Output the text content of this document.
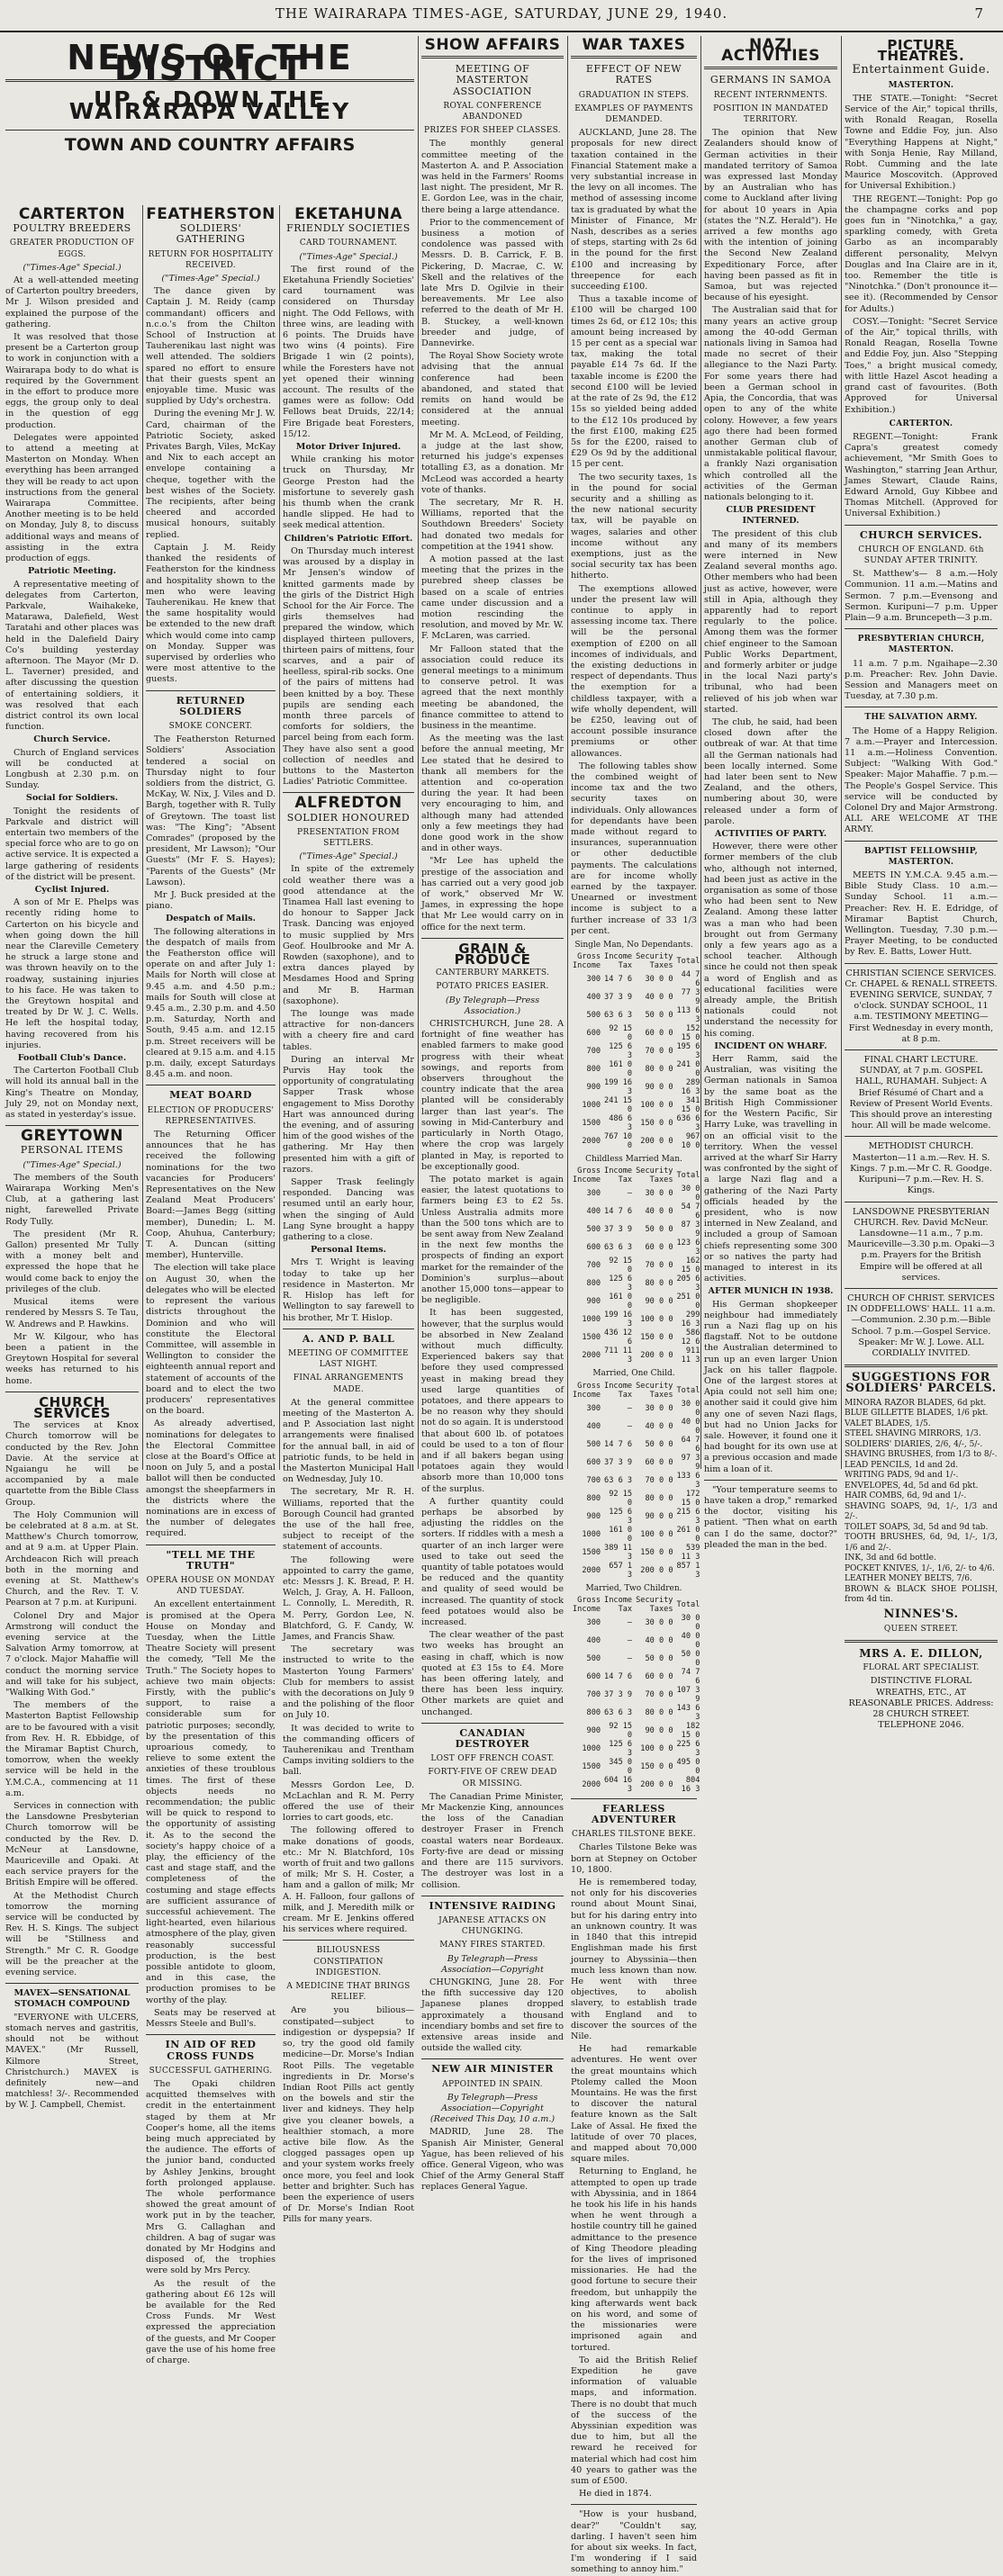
THE WAIRARAPA TIMES-AGE, SATURDAY, JUNE 29, 1940.	7
NEWS OF THE DISTRICT
UP & DOWN THE WAIRARAPA VALLEY
TOWN AND COUNTRY AFFAIRS
CARTERTON
POULTRY BREEDERS
GREATER PRODUCTION OF EGGS.

("Times-Age" Special.)

At a well-attended meeting of Carterton poultry breeders, Mr J. Wilson presided and explained the purpose of the gathering.

It was resolved that those present be a Carterton group to work in conjunction with a Wairarapa body to do what is required by the Government in the effort to produce more eggs, the group only to deal in the question of egg production.

Delegates were appointed to attend a meeting at Masterton on Monday. When everything has been arranged they will be ready to act upon instructions from the general Wairarapa Committee. Another meeting is to be held on Monday, July 8, to discuss additional ways and means of assisting in the extra production of eggs.

Patriotic Meeting.

A representative meeting of delegates from Carterton, Parkvale, Waihakeke, Matarawa, Dalefield, West Taratahi and other places was held in the Dalefield Dairy Co's building yesterday afternoon. The Mayor (Mr D. L. Taverner) presided, and after discussing the question of entertaining soldiers, it was resolved that each district control its own local function.

Church Service.

Church of England services will be conducted at Longbush at 2.30 p.m. on Sunday.

Social for Soldiers.

Tonight the residents of Parkvale and district will entertain two members of the special force who are to go on active service. It is expected a large gathering of residents of the district will be present.

Cyclist Injured.

A son of Mr E. Phelps was recently riding home to Carterton on his bicycle and when going down the hill near the Clareville Cemetery he struck a large stone and was thrown heavily on to the roadway, sustaining injuries to his face. He was taken to the Greytown hospital and treated by Dr W. J. C. Wells. He left the hospital today, having recovered from his injuries.

Football Club's Dance.

The Carterton Football Club will hold its annual ball in the King's Theatre on Monday, July 29, not on Monday next, as stated in yesterday's issue.

GREYTOWN
PERSONAL ITEMS

("Times-Age" Special.)

The members of the South Wairarapa Working Men's Club, at a gathering last night, farewelled Private Rody Tully.

The president (Mr R. Gallon) presented Mr Tully with a money belt and expressed the hope that he would come back to enjoy the privileges of the club.

Musical items were rendered by Messrs S. Te Tau, W. Andrews and P. Hawkins.

Mr W. Kilgour, who has been a patient in the Greytown Hospital for several weeks has returned to his home.

CHURCH SERVICES

The services at Knox Church tomorrow will be conducted by the Rev. John Davie. At the service at Ngaiangu he will be accompanied by a male quartette from the Bible Class Group.

The Holy Communion will be celebrated at 8 a.m. at St. Matthew's Church tomorrow, and at 9 a.m. at Upper Plain. Archdeacon Rich will preach both in the morning and evening at St. Matthew's Church, and the Rev. T. V. Pearson at 7 p.m. at Kuripuni.

Colonel Dry and Major Armstrong will conduct the evening service at the Salvation Army tomorrow, at 7 o'clock. Major Mahaffie will conduct the morning service and will take for his subject, "Walking With God."

The members of the Masterton Baptist Fellowship are to be favoured with a visit from Rev. H. R. Ebbidge, of the Miramar Baptist Church, tomorrow, when the weekly service will be held in the Y.M.C.A., commencing at 11 a.m.

Services in connection with the Lansdowne Presbyterian Church tomorrow will be conducted by the Rev. D. McNeur at Lansdowne, Mauriceville and Opaki. At each service prayers for the British Empire will be offered.

At the Methodist Church tomorrow the morning service will be conducted by Rev. H. S. Kings. The subject will be "Stillness and Strength." Mr C. R. Goodge will be the preacher at the evening service.

MAVEX—SENSATIONAL STOMACH COMPOUND

"EVERYONE with ULCERS, stomach nerves and gastritis, should not be without MAVEX." (Mr Russell, Kilmore Street, Christchurch.) MAVEX is definitely new—and matchless! 3/-. Recommended by W. J. Campbell, Chemist.

FEATHERSTON
SOLDIERS' GATHERING
RETURN FOR HOSPITALITY RECEIVED.

("Times-Age" Special.)

The dance given by Captain J. M. Reidy (camp commandant) officers and n.c.o.'s from the Chilton School of Instruction at Tauherenikau last night was well attended. The soldiers spared no effort to ensure that their guests spent an enjoyable time. Music was supplied by Udy's orchestra.

During the evening Mr J. W. Card, chairman of the Patriotic Society, asked Privates Bargh, Viles, McKay and Nix to each accept an envelope containing a cheque, together with the best wishes of the Society. The recipients, after being cheered and accorded musical honours, suitably replied.

Captain J. M. Reidy thanked the residents of Featherston for the kindness and hospitality shown to the men who were leaving Tauherenikau. He knew that the same hospitality would be extended to the new draft which would come into camp on Monday. Supper was supervised by orderlies who were most attentive to the guests.

RETURNED SOLDIERS
SMOKE CONCERT.

The Featherston Returned Soldiers' Association tendered a social on Thursday night to four soldiers from the district, G. McKay, W. Nix, J. Viles and D. Bargh, together with R. Tully of Greytown. The toast list was: "The King"; "Absent Comrades" (proposed by the president, Mr Lawson); "Our Guests" (Mr F. S. Hayes); "Parents of the Guests" (Mr Lawson).

Mr J. Buck presided at the piano.

Despatch of Mails.

The following alterations in the despatch of mails from the Featherston office will operate on and after July 1: Mails for North will close at 9.45 a.m. and 4.50 p.m.; mails for South will close at 9.45 a.m., 2.30 p.m. and 4.50 p.m. Saturday, North and South, 9.45 a.m. and 12.15 p.m. Street receivers will be cleared at 9.15 a.m. and 4.15 p.m. daily, except Saturdays 8.45 a.m. and noon.

MEAT BOARD
ELECTION OF PRODUCERS' REPRESENTATIVES.

The Returning Officer announces that he has received the following nominations for the two vacancies for Producers' Representatives on the New Zealand Meat Producers' Board:—James Begg (sitting member), Dunedin; L. M. Coop, Ahuhua, Canterbury; T. A. Duncan (sitting member), Hunterville.

The election will take place on August 30, when the delegates who will be elected to represent the various districts throughout the Dominion and who will constitute the Electoral Committee, will assemble in Wellington to consider the eighteenth annual report and statement of accounts of the board and to elect the two producers' representatives on the board.

As already advertised, nominations for delegates to the Electoral Committee close at the Board's Office at noon on July 5, and a postal ballot will then be conducted amongst the sheepfarmers in the districts where the nominations are in excess of the number of delegates required.

"TELL ME THE TRUTH"
OPERA HOUSE ON MONDAY AND TUESDAY.

An excellent entertainment is promised at the Opera House on Monday and Tuesday, when the Little Theatre Society will present the comedy, "Tell Me the Truth." The Society hopes to achieve two main objects: Firstly, with the public's support, to raise a considerable sum for patriotic purposes; secondly, by the presentation of this uproarious comedy, to relieve to some extent the anxieties of these troublous times. The first of these objects needs no recommendation; the public will be quick to respond to the opportunity of assisting it. As to the second the society's happy choice of a play, the efficiency of the cast and stage staff, and the completeness of the costuming and stage effects are sufficient assurance of successful achievement. The light-hearted, even hilarious atmosphere of the play, given reasonably successful production, is the best possible antidote to gloom, and in this case, the production promises to be worthy of the play.

Seats may be reserved at Messrs Steele and Bull's.

IN AID OF RED CROSS FUNDS
SUCCESSFUL GATHERING.

The Opaki children acquitted themselves with credit in the entertainment staged by them at Mr Cooper's home, all the items being much appreciated by the audience. The efforts of the junior band, conducted by Ashley Jenkins, brought forth prolonged applause. The whole performance showed the great amount of work put in by the teacher, Mrs G. Callaghan and children. A bag of sugar was donated by Mr Hodgins and disposed of, the trophies were sold by Mrs Percy.

As the result of the gathering about £6 12s will be available for the Red Cross Funds. Mr West expressed the appreciation of the guests, and Mr Cooper gave the use of his home free of charge.

EKETAHUNA
FRIENDLY SOCIETIES
CARD TOURNAMENT.

("Times-Age" Special.)

The first round of the Eketahuna Friendly Societies' card tournament was considered on Thursday night. The Odd Fellows, with three wins, are leading with 6 points. The Druids have two wins (4 points). Fire Brigade 1 win (2 points), while the Foresters have not yet opened their winning account. The results of the games were as follow: Odd Fellows beat Druids, 22/14; Fire Brigade beat Foresters, 15/12.

Motor Driver Injured.

While cranking his motor truck on Thursday, Mr George Preston had the misfortune to severely gash his thumb when the crank handle slipped. He had to seek medical attention.

Children's Patriotic Effort.

On Thursday much interest was aroused by a display in Mr Jensen's window of knitted garments made by the girls of the District High School for the Air Force. The girls themselves had prepared the window, which displayed thirteen pullovers, thirteen pairs of mittens, four scarves, and a pair of heelless, spiral-rib socks. One of the pairs of mittens had been knitted by a boy. These pupils are sending each month three parcels of comforts for soldiers, the parcel being from each form. They have also sent a good collection of needles and buttons to the Masterton Ladies' Patriotic Committee.

ALFREDTON
SOLDIER HONOURED
PRESENTATION FROM SETTLERS.

("Times-Age" Special.)

In spite of the extremely cold weather there was a good attendance at the Tinamea Hall last evening to do honour to Sapper Jack Trask. Dancing was enjoyed to music supplied by Mrs Geof. Houlbrooke and Mr A. Rowden (saxophone), and to extra dances played by Mesdames Hood and Spring and Mr B. Harman (saxophone).

The lounge was made attractive for non-dancers with a cheery fire and card tables.

During an interval Mr Purvis Hay took the opportunity of congratulating Sapper Trask whose engagement to Miss Dorothy Hart was announced during the evening, and of assuring him of the good wishes of the gathering. Mr Hay then presented him with a gift of razors.

Sapper Trask feelingly responded. Dancing was resumed until an early hour, when the singing of Auld Lang Syne brought a happy gathering to a close.

Personal Items.

Mrs T. Wright is leaving today to take up her residence in Masterton. Mr R. Hislop has left for Wellington to say farewell to his brother, Mr T. Hislop.

A. AND P. BALL
MEETING OF COMMITTEE LAST NIGHT.
FINAL ARRANGEMENTS MADE.

At the general committee meeting of the Masterton A. and P. Association last night arrangements were finalised for the annual ball, in aid of patriotic funds, to be held in the Masterton Municipal Hall on Wednesday, July 10.

The secretary, Mr R. H. Williams, reported that the Borough Council had granted the use of the hall free, subject to receipt of the statement of accounts.

The following were appointed to carry the game, etc: Messrs J. K. Bread, P. H. Welch, J. Gray, A. H. Falloon, L. Connolly, L. Meredith, R. M. Perry, Gordon Lee, N. Blatchford, G. F. Candy, W. James, and Francis Shaw.

The secretary was instructed to write to the Masterton Young Farmers' Club for members to assist with the decorations on July 9 and the polishing of the floor on July 10.

It was decided to write to the commanding officers of Tauherenikau and Trentham Camps inviting soldiers to the ball.

Messrs Gordon Lee, D. McLachlan and R. M. Perry offered the use of their lorries to cart goods, etc.

The following offered to make donations of goods, etc.: Mr N. Blatchford, 10s worth of fruit and two gallons of milk; Mr S. H. Coster, a ham and a gallon of milk; Mr A. H. Falloon, four gallons of milk, and J. Meredith milk or cream. Mr E. Jenkins offered his services where required.

BILIOUSNESS CONSTIPATION INDIGESTION.
A MEDICINE THAT BRINGS RELIEF.

Are you bilious—constipated—subject to indigestion or dyspepsia? If so, try the good old family medicine—Dr. Morse's Indian Root Pills. The vegetable ingredients in Dr. Morse's Indian Root Pills act gently on the bowels and stir the liver and kidneys. They help give you cleaner bowels, a healthier stomach, a more active bile flow. As the clogged passages open up and your system works freely once more, you feel and look better and brighter. Such has been the experience of users of Dr. Morse's Indian Root Pills for many years.

SHOW AFFAIRS
MEETING OF MASTERTON ASSOCIATION
ROYAL CONFERENCE ABANDONED
PRIZES FOR SHEEP CLASSES.

The monthly general committee meeting of the Masterton A. and P. Association was held in the Farmers' Rooms last night. The president, Mr R. E. Gordon Lee, was in the chair, there being a large attendance.

Prior to the commencement of business a motion of condolence was passed with Messrs. D. B. Carrick, F. B. Pickering, D. Macrae, C. W. Skell and the relatives of the late Mrs D. Ogilvie in their bereavements. Mr Lee also referred to the death of Mr H. B. Stuckey, a well-known breeder and judge, of Dannevirke.

The Royal Show Society wrote advising that the annual conference had been abandoned, and stated that remits on hand would be considered at the annual meeting.

Mr M. A. McLeod, of Feilding, a judge at the last show, returned his judge's expenses totalling £3, as a donation. Mr McLeod was accorded a hearty vote of thanks.

The secretary, Mr R. H. Williams, reported that the Southdown Breeders' Society had donated two medals for competition at the 1941 show.

A motion passed at the last meeting that the prizes in the purebred sheep classes be based on a scale of entries came under discussion and a motion rescinding the resolution, and moved by Mr. W. F. McLaren, was carried.

Mr Falloon stated that the association could reduce its general meetings to a minimum to conserve petrol. It was agreed that the next monthly meeting be abandoned, the finance committee to attend to business in the meantime.

As the meeting was the last before the annual meeting, Mr Lee stated that he desired to thank all members for the attention and co-operation during the year. It had been very encouraging to him, and although many had attended only a few meetings they had done good work in the show and in other ways.

"Mr Lee has upheld the prestige of the association and has carried out a very good job of work," observed Mr W. James, in expressing the hope that Mr Lee would carry on in office for the next term.

GRAIN & PRODUCE
CANTERBURY MARKETS.
POTATO PRICES EASIER.

(By Telegraph—Press Association.)

CHRISTCHURCH, June 28. A fortnight of fine weather has enabled farmers to make good progress with their wheat sowings, and reports from observers throughout the country indicate that the area planted will be considerably larger than last year's. The sowing in Mid-Canterbury and particularly in North Otago, where the crop was largely planted in May, is reported to be exceptionally good.

The potato market is again easier, the latest quotations to farmers being £3 to £2 5s. Unless Australia admits more than the 500 tons which are to be sent away from New Zealand in the next few months the prospects of finding an export market for the remainder of the Dominion's surplus—about another 15,000 tons—appear to be negligible.

It has been suggested, however, that the surplus would be absorbed in New Zealand without much difficulty. Experienced bakers say that before they used compressed yeast in making bread they used large quantities of potatoes, and there appears to be no reason why they should not do so again. It is understood that about 600 lb. of potatoes could be used to a ton of flour and if all bakers began using potatoes again they would absorb more than 10,000 tons of the surplus.

A further quantity could perhaps be absorbed by adjusting the riddles on the sorters. If riddles with a mesh a quarter of an inch larger were used to take out seed the quantity of table potatoes would be reduced and the quantity and quality of seed would be increased. The quantity of stock feed potatoes would also be increased.

The clear weather of the past two weeks has brought an easing in chaff, which is now quoted at £3 15s to £4. More has been offering lately, and there has been less inquiry. Other markets are quiet and unchanged.

CANADIAN DESTROYER
LOST OFF FRENCH COAST.
FORTY-FIVE OF CREW DEAD OR MISSING.

The Canadian Prime Minister, Mr Mackenzie King, announces the loss of the Canadian destroyer Fraser in French coastal waters near Bordeaux. Forty-five are dead or missing and there are 115 survivors. The destroyer was lost in a collision.

INTENSIVE RAIDING
JAPANESE ATTACKS ON CHUNGKING.
MANY FIRES STARTED.

By Telegraph—Press Association—Copyright

CHUNGKING, June 28. For the fifth successive day 120 Japanese planes dropped approximately a thousand incendiary bombs and set fire to extensive areas inside and outside the walled city.

NEW AIR MINISTER
APPOINTED IN SPAIN.

By Telegraph—Press Association—Copyright (Received This Day, 10 a.m.)

MADRID, June 28. The Spanish Air Minister, General Yague, has been relieved of his office. General Vigeon, who was Chief of the Army General Staff replaces General Yague.

WAR TAXES
EFFECT OF NEW RATES
GRADUATION IN STEPS.
EXAMPLES OF PAYMENTS DEMANDED.

AUCKLAND, June 28. The proposals for new direct taxation contained in the Financial Statement make a very substantial increase in the levy on all incomes. The method of assessing income tax is graduated by what the Minister of Finance, Mr Nash, describes as a series of steps, starting with 2s 6d in the pound for the first £100 and increasing by threepence for each succeeding £100.

Thus a taxable income of £100 will be charged 100 times 2s 6d, or £12 10s; this amount being increased by 15 per cent as a special war tax, making the total payable £14 7s 6d. If the taxable income is £200 the second £100 will be levied at the rate of 2s 9d, the £12 15s so yielded being added to the £12 10s produced by the first £100, making £25 5s for the £200, raised to £29 Os 9d by the additional 15 per cent.

The two security taxes, 1s in the pound for social security and a shilling as the new national security tax, will be payable on wages, salaries and other income without any exemptions, just as the social security tax has been hitherto.

The exemptions allowed under the present law will continue to apply in assessing income tax. There will be the personal exemption of £200 on all incomes of individuals, and the existing deductions in respect of dependants. Thus the exemption for a childless taxpayer, with a wife wholly dependent, will be £250, leaving out of account possible insurance premiums or other allowances.

The following tables show the combined weight of income tax and the two security taxes on individuals. Only allowances for dependants have been made without regard to insurances, superannuation or other deductible payments. The calculations are for income wholly earned by the taxpayer. Unearned or investment income is subject to a further increase of 33 1/3 per cent.

Single Man, No Dependants.
Gross Income	Income Tax	Security Taxes	Total
300	14 7 6	30 0 0	44 7 6
400	37 3 9	40 0 0	77 3 9
500	63 6 3	50 0 0	113 6 3
600	92 15 0	60 0 0	152 15 0
700	125 6 3	70 0 0	195 6 3
800	161 0 0	80 0 0	241 0 0
900	199 16 3	90 0 0	289 16 3
1000	241 15 0	100 0 0	341 15 0
1500	486 6 3	150 0 0	636 6 3
2000	767 10 0	200 0 0	967 10 0
Childless Married Man.
Gross Income	Income Tax	Security Taxes	Total
300	—	30 0 0	30 0 0
400	14 7 6	40 0 0	54 7 6
500	37 3 9	50 0 0	87 3 9
600	63 6 3	60 0 0	123 6 3
700	92 15 0	70 0 0	162 15 0
800	125 6 3	80 0 0	205 6 3
900	161 0 0	90 0 0	251 0 0
1000	199 16 3	100 0 0	299 16 3
1500	436 12 6	150 0 0	586 12 6
2000	711 11 3	200 0 0	911 11 3
Married, One Child.
Gross Income	Income Tax	Security Taxes	Total
300	—	30 0 0	30 0 0
400	—	40 0 0	40 0 0
500	14 7 6	50 0 0	64 7 6
600	37 3 9	60 0 0	97 3 9
700	63 6 3	70 0 0	133 6 3
800	92 15 0	80 0 0	172 15 0
900	125 6 3	90 0 0	215 6 3
1000	161 0 0	100 0 0	261 0 0
1500	389 11 3	150 0 0	539 11 3
2000	657 1 3	200 0 0	857 1 3
Married, Two Children.
Gross Income	Income Tax	Security Taxes	Total
300	—	30 0 0	30 0 0
400	—	40 0 0	40 0 0
500	—	50 0 0	50 0 0
600	14 7 6	60 0 0	74 7 6
700	37 3 9	70 0 0	107 3 9
800	63 6 3	80 0 0	143 6 3
900	92 15 0	90 0 0	182 15 0
1000	125 6 3	100 0 0	225 6 3
1500	345 0 0	150 0 0	495 0 0
2000	604 16 3	200 0 0	804 16 3
FEARLESS ADVENTURER
CHARLES TILSTONE BEKE.

Charles Tilstone Beke was born at Stepney on October 10, 1800.

He is remembered today, not only for his discoveries round about Mount Sinai, but for his daring entry into an unknown country. It was in 1840 that this intrepid Englishman made his first journey to Abyssinia—then much less known than now. He went with three objectives, to abolish slavery, to establish trade with England and to discover the sources of the Nile.

He had remarkable adventures. He went over the great mountains which Ptolemy called the Moon Mountains. He was the first to discover the natural feature known as the Salt Lake of Assal. He fixed the latitude of over 70 places, and mapped about 70,000 square miles.

Returning to England, he attempted to open up trade with Abyssinia, and in 1864 he took his life in his hands when he went through a hostile country till he gained admittance to the presence of King Theodore pleading for the lives of imprisoned missionaries. He had the good fortune to secure their freedom, but unhappily the king afterwards went back on his word, and some of the missionaries were imprisoned again and tortured.

To aid the British Relief Expedition he gave information of valuable maps, and information. There is no doubt that much of the success of the Abyssinian expedition was due to him, but all the reward he received for material which had cost him 40 years to gather was the sum of £500.

He died in 1874.

"How is your husband, dear?" "Couldn't say, darling. I haven't seen him for about six weeks. In fact, I'm wondering if I said something to annoy him."

NAZI ACTIVITIES
GERMANS IN SAMOA
RECENT INTERNMENTS.
POSITION IN MANDATED TERRITORY.

The opinion that New Zealanders should know of German activities in their mandated territory of Samoa was expressed last Monday by an Australian who has come to Auckland after living for about 10 years in Apia (states the "N.Z. Herald"). He arrived a few months ago with the intention of joining the Second New Zealand Expeditionary Force, after having been passed as fit in Samoa, but was rejected because of his eyesight.

The Australian said that for many years an active group among the 40-odd German nationals living in Samoa had made no secret of their allegiance to the Nazi Party. For some years there had been a German school in Apia, the Concordia, that was open to any of the white colony. However, a few years ago there had been formed another German club of unmistakable political flavour, a frankly Nazi organisation which controlled all the activities of the German nationals belonging to it.

CLUB PRESIDENT INTERNED.

The president of this club and many of its members were interned in New Zealand several months ago. Other members who had been just as active, however, were still in Apia, although they apparently had to report regularly to the police. Among them was the former chief engineer to the Samoan Public Works Department, and formerly arbiter or judge in the local Nazi party's tribunal, who had been relieved of his job when war started.

The club, he said, had been closed down after the outbreak of war. At that time all the German nationals had been locally interned. Some had later been sent to New Zealand, and the others, numbering about 30, were released under a form of parole.

ACTIVITIES OF PARTY.

However, there were other former members of the club who, although not interned, had been just as active in the organisation as some of those who had been sent to New Zealand. Among these latter was a man who had been brought out from Germany only a few years ago as a school teacher. Although since he could not then speak a word of English and as educational facilities were already ample, the British nationals could not understand the necessity for his coming.

INCIDENT ON WHARF.

Herr Ramm, said the Australian, was visiting the German nationals in Samoa by the same boat as the British High Commissioner for the Western Pacific, Sir Harry Luke, was travelling in on an official visit to the territory. When the vessel arrived at the wharf Sir Harry was confronted by the sight of a large Nazi flag and a gathering of the Nazi Party officials headed by the president, who is now interned in New Zealand, and included a group of Samoan chiefs representing some 300 or so natives the party had managed to interest in its activities.

AFTER MUNICH IN 1938.

His German shopkeeper neighbour had immediately run a Nazi flag up on his flagstaff. Not to be outdone the Australian determined to run up an even larger Union Jack on his taller flagpole. One of the largest stores at Apia could not sell him one; another said it could give him any one of seven Nazi flags, but had no Union Jacks for sale. However, it found one it had bought for its own use at a previous occasion and made him a loan of it.

"Your temperature seems to have taken a drop," remarked the doctor, visiting his patient. "Then what on earth can I do the same, doctor?" pleaded the man in the bed.

PICTURE THEATRES.
Entertainment Guide.
MASTERTON.

THE STATE.—Tonight: "Secret Service of the Air," topical thrills, with Ronald Reagan, Rosella Towne and Eddie Foy, jun. Also "Everything Happens at Night," with Sonja Henie, Ray Milland, Robt. Cumming and the late Maurice Moscovitch. (Approved for Universal Exhibition.)

THE REGENT.—Tonight: Pop go the champagne corks and pop goes fun in "Ninotchka," a gay, sparkling comedy, with Greta Garbo as an incomparably different personality, Melvyn Douglas and Ina Claire are in it, too. Remember the title is "Ninotchka." (Don't pronounce it—see it). (Recommended by Censor for Adults.)

COSY.—Tonight: "Secret Service of the Air," topical thrills, with Ronald Reagan, Rosella Towne and Eddie Foy, jun. Also "Stepping Toes," a bright musical comedy, with little Hazel Ascot heading a grand cast of favourites. (Both Approved for Universal Exhibition.)

CARTERTON.

REGENT.—Tonight: Frank Capra's greatest comedy achievement, "Mr Smith Goes to Washington," starring Jean Arthur, James Stewart, Claude Rains, Edward Arnold, Guy Kibbee and Thomas Mitchell. (Approved for Universal Exhibition.)

CHURCH SERVICES.
CHURCH OF ENGLAND. 6th SUNDAY AFTER TRINITY.

St. Matthew's— 8 a.m.—Holy Communion. 11 a.m.—Matins and Sermon. 7 p.m.—Evensong and Sermon. Kuripuni—7 p.m. Upper Plain—9 a.m. Bruncepeth—3 p.m.

PRESBYTERIAN CHURCH, MASTERTON.

11 a.m. 7 p.m. Ngaihape—2.30 p.m. Preacher: Rev. John Davie. Session and Managers meet on Tuesday, at 7.30 p.m.

THE SALVATION ARMY.

The Home of a Happy Religion. 7 a.m.—Prayer and Intercession. 11 a.m.—Holiness Convention. Subject: "Walking With God." Speaker: Major Mahaffie. 7 p.m.—The People's Gospel Service. This service will be conducted by Colonel Dry and Major Armstrong. ALL ARE WELCOME AT THE ARMY.

BAPTIST FELLOWSHIP, MASTERTON.

MEETS IN Y.M.C.A. 9.45 a.m.—Bible Study Class. 10 a.m.—Sunday School. 11 a.m.—Preacher: Rev. H. E. Edridge, of Miramar Baptist Church, Wellington. Tuesday, 7.30 p.m.—Prayer Meeting, to be conducted by Rev. E. Batts, Lower Hutt.

CHRISTIAN SCIENCE SERVICES. Cr. CHAPEL & RENALL STREETS. EVENING SERVICE, SUNDAY, 7 o'clock. SUNDAY SCHOOL, 11 a.m. TESTIMONY MEETING—First Wednesday in every month, at 8 p.m.

FINAL CHART LECTURE. SUNDAY, at 7 p.m. GOSPEL HALL, RUHAMAH. Subject: A Brief Résumé of Chart and a Review of Present World Events. This should prove an interesting hour. All will be made welcome.

METHODIST CHURCH. Masterton—11 a.m.—Rev. H. S. Kings. 7 p.m.—Mr C. R. Goodge. Kuripuni—7 p.m.—Rev. H. S. Kings.

LANSDOWNE PRESBYTERIAN CHURCH. Rev. David McNeur. Lansdowne—11 a.m., 7 p.m. Mauriceville—3.30 p.m. Opaki—3 p.m. Prayers for the British Empire will be offered at all services.

CHURCH OF CHRIST. SERVICES IN ODDFELLOWS' HALL. 11 a.m.—Communion. 2.30 p.m.—Bible School. 7 p.m.—Gospel Service. Speaker: Mr W. J. Lowe. ALL CORDIALLY INVITED.

SUGGESTIONS FOR SOLDIERS' PARCELS.
MINORA RAZOR BLADES, 6d pkt.
BLUE GILLETTE BLADES, 1/6 pkt.
VALET BLADES, 1/5.
STEEL SHAVING MIRRORS, 1/3.
SOLDIERS' DIARIES, 2/6, 4/-, 5/-.
SHAVING BRUSHES, from 1/3 to 8/-.
LEAD PENCILS, 1d and 2d.
WRITING PADS, 9d and 1/-.
ENVELOPES, 4d, 5d and 6d pkt.
HAIR COMBS, 6d, 9d and 1/-.
SHAVING SOAPS, 9d, 1/-, 1/3 and 2/-.
TOILET SOAPS, 3d, 5d and 9d tab.
TOOTH BRUSHES, 6d, 9d, 1/-, 1/3, 1/6 and 2/-.
INK, 3d and 6d bottle.
POCKET KNIVES, 1/-, 1/6, 2/- to 4/6.
LEATHER MONEY BELTS, 7/6.
BROWN & BLACK SHOE POLISH, from 4d tin.
NINNES'S.
QUEEN STREET.
MRS A. E. DILLON,
FLORAL ART SPECIALIST.

DISTINCTIVE FLORAL WREATHS, ETC., AT REASONABLE PRICES. Address: 28 CHURCH STREET. TELEPHONE 2046.
